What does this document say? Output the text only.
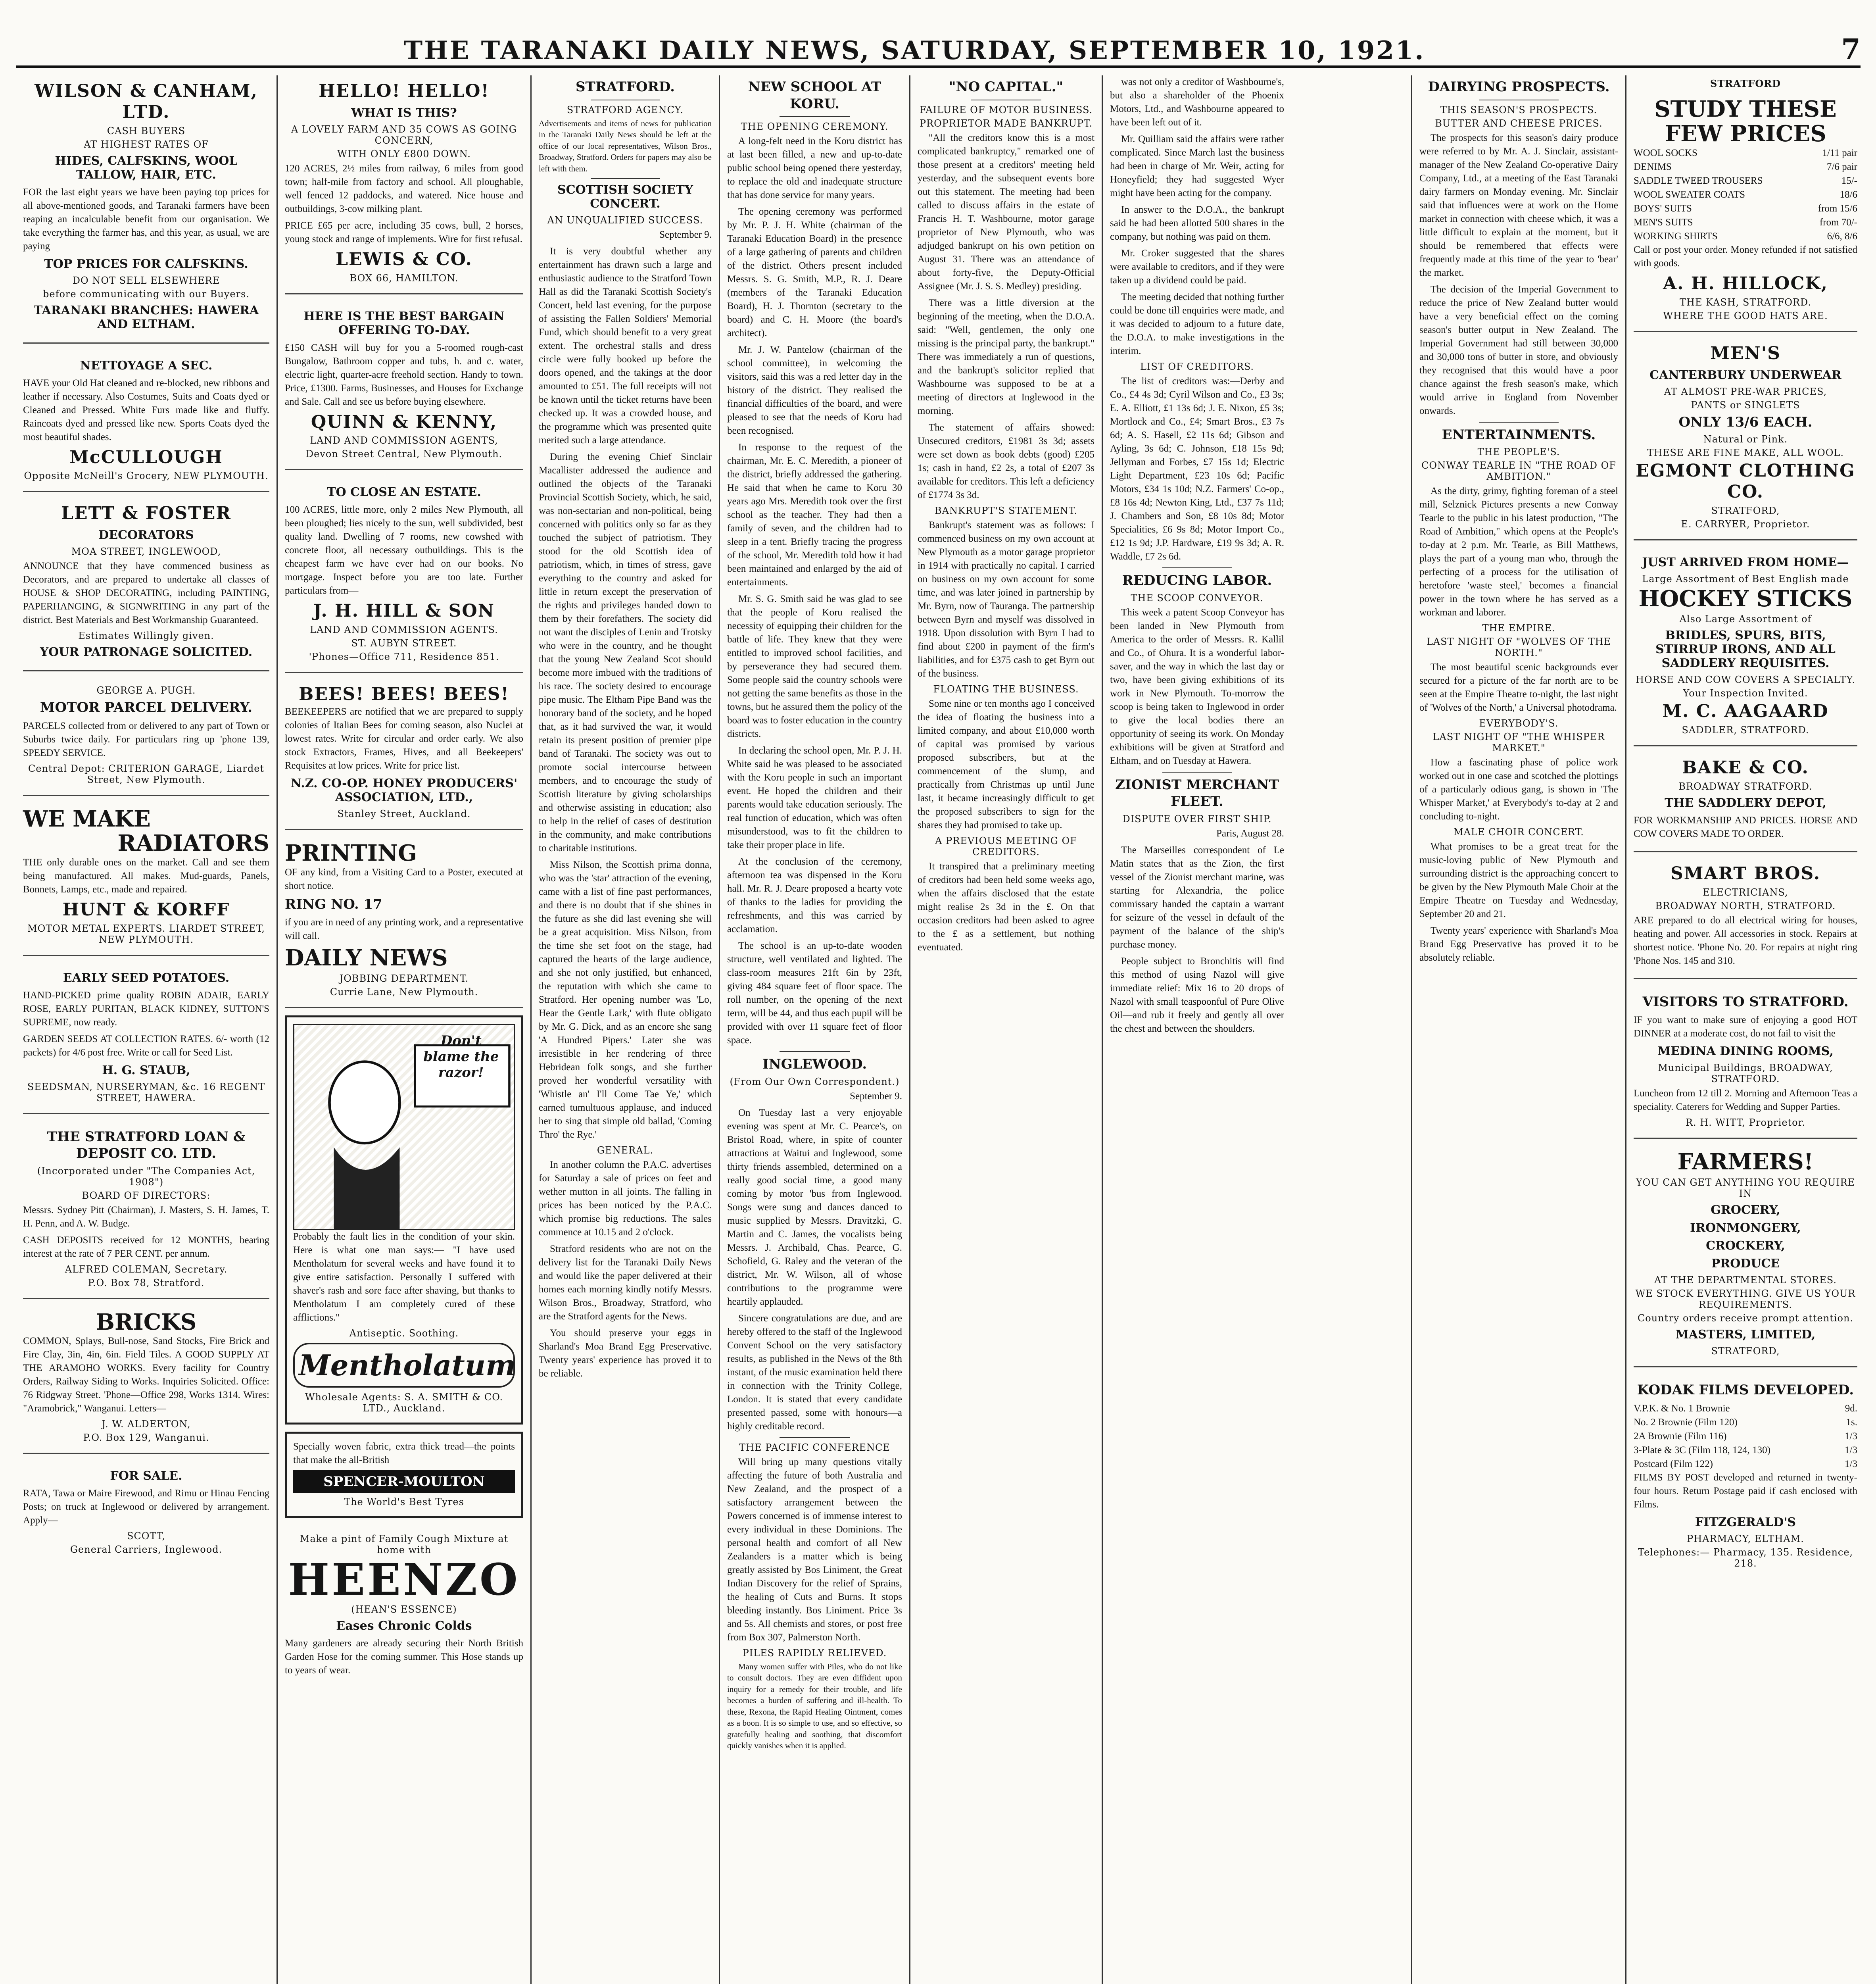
THE TARANAKI DAILY NEWS, SATURDAY, SEPTEMBER 10, 1921.	7
WILSON & CANHAM, LTD.
CASH BUYERS
AT HIGHEST RATES OF
HIDES, CALFSKINS, WOOL TALLOW, HAIR, ETC.

FOR the last eight years we have been paying top prices for all above-mentioned goods, and Taranaki farmers have been reaping an incalculable benefit from our organisation. We take everything the farmer has, and this year, as usual, we are paying

TOP PRICES FOR CALFSKINS.
DO NOT SELL ELSEWHERE
before communicating with our Buyers.
TARANAKI BRANCHES: HAWERA AND ELTHAM.
NETTOYAGE A SEC.

HAVE your Old Hat cleaned and re-blocked, new ribbons and leather if necessary. Also Costumes, Suits and Coats dyed or Cleaned and Pressed. White Furs made like and fluffy. Raincoats dyed and pressed like new. Sports Coats dyed the most beautiful shades.

McCULLOUGH
Opposite McNeill's Grocery, NEW PLYMOUTH.
LETT & FOSTER
DECORATORS
MOA STREET, INGLEWOOD,

ANNOUNCE that they have commenced business as Decorators, and are prepared to undertake all classes of HOUSE & SHOP DECORATING, including PAINTING, PAPERHANGING, & SIGNWRITING in any part of the district. Best Materials and Best Workmanship Guaranteed.

Estimates Willingly given.
YOUR PATRONAGE SOLICITED.
GEORGE A. PUGH.
MOTOR PARCEL DELIVERY.

PARCELS collected from or delivered to any part of Town or Suburbs twice daily. For particulars ring up 'phone 139, SPEEDY SERVICE.

Central Depot: CRITERION GARAGE, Liardet Street, New Plymouth.
WE MAKE
RADIATORS

THE only durable ones on the market. Call and see them being manufactured. All makes. Mud-guards, Panels, Bonnets, Lamps, etc., made and repaired.

HUNT & KORFF
MOTOR METAL EXPERTS. LIARDET STREET, NEW PLYMOUTH.
EARLY SEED POTATOES.

HAND-PICKED prime quality ROBIN ADAIR, EARLY ROSE, EARLY PURITAN, BLACK KIDNEY, SUTTON'S SUPREME, now ready.

GARDEN SEEDS AT COLLECTION RATES. 6/- worth (12 packets) for 4/6 post free. Write or call for Seed List.

H. G. STAUB,
SEEDSMAN, NURSERYMAN, &c. 16 REGENT STREET, HAWERA.
THE STRATFORD LOAN & DEPOSIT CO. LTD.
(Incorporated under "The Companies Act, 1908")
BOARD OF DIRECTORS:

Messrs. Sydney Pitt (Chairman), J. Masters, S. H. James, T. H. Penn, and A. W. Budge.

CASH DEPOSITS received for 12 MONTHS, bearing interest at the rate of 7 PER CENT. per annum.

ALFRED COLEMAN, Secretary.
P.O. Box 78, Stratford.
BRICKS

COMMON, Splays, Bull-nose, Sand Stocks, Fire Brick and Fire Clay, 3in, 4in, 6in. Field Tiles. A GOOD SUPPLY AT THE ARAMOHO WORKS. Every facility for Country Orders, Railway Siding to Works. Inquiries Solicited. Office: 76 Ridgway Street. 'Phone—Office 298, Works 1314. Wires: "Aramobrick," Wanganui. Letters—

J. W. ALDERTON,
P.O. Box 129, Wanganui.
FOR SALE.

RATA, Tawa or Maire Firewood, and Rimu or Hinau Fencing Posts; on truck at Inglewood or delivered by arrangement. Apply—

SCOTT,
General Carriers, Inglewood.
HELLO! HELLO!
WHAT IS THIS?
A LOVELY FARM AND 35 COWS AS GOING CONCERN,
WITH ONLY £800 DOWN.

120 ACRES, 2½ miles from railway, 6 miles from good town; half-mile from factory and school. All ploughable, well fenced 12 paddocks, and watered. Nice house and outbuildings, 3-cow milking plant.

PRICE £65 per acre, including 35 cows, bull, 2 horses, young stock and range of implements. Wire for first refusal.

LEWIS & CO.
BOX 66, HAMILTON.
HERE IS THE BEST BARGAIN OFFERING TO-DAY.

£150 CASH will buy for you a 5-roomed rough-cast Bungalow, Bathroom copper and tubs, h. and c. water, electric light, quarter-acre freehold section. Handy to town. Price, £1300. Farms, Businesses, and Houses for Exchange and Sale. Call and see us before buying elsewhere.

QUINN & KENNY,
LAND AND COMMISSION AGENTS,
Devon Street Central, New Plymouth.
TO CLOSE AN ESTATE.

100 ACRES, little more, only 2 miles New Plymouth, all been ploughed; lies nicely to the sun, well subdivided, best quality land. Dwelling of 7 rooms, new cowshed with concrete floor, all necessary outbuildings. This is the cheapest farm we have ever had on our books. No mortgage. Inspect before you are too late. Further particulars from—

J. H. HILL & SON
LAND AND COMMISSION AGENTS.
ST. AUBYN STREET.
'Phones—Office 711, Residence 851.
BEES! BEES! BEES!

BEEKEEPERS are notified that we are prepared to supply colonies of Italian Bees for coming season, also Nuclei at lowest rates. Write for circular and order early. We also stock Extractors, Frames, Hives, and all Beekeepers' Requisites at low prices. Write for price list.

N.Z. CO-OP. HONEY PRODUCERS' ASSOCIATION, LTD.,
Stanley Street, Auckland.
PRINTING

OF any kind, from a Visiting Card to a Poster, executed at short notice.

RING NO. 17

if you are in need of any printing work, and a representative will call.

DAILY NEWS
JOBBING DEPARTMENT.
Currie Lane, New Plymouth.
Don't blame the razor!

Probably the fault lies in the condition of your skin. Here is what one man says:— "I have used Mentholatum for several weeks and have found it to give entire satisfaction. Personally I suffered with shaver's rash and sore face after shaving, but thanks to Mentholatum I am completely cured of these afflictions."

Antiseptic. Soothing.
Mentholatum
Wholesale Agents: S. A. SMITH & CO. LTD., Auckland.

Specially woven fabric, extra thick tread—the points that make the all-British

SPENCER-MOULTON
The World's Best Tyres
Make a pint of Family Cough Mixture at home with
HEENZO
(HEAN'S ESSENCE)
Eases Chronic Colds

Many gardeners are already securing their North British Garden Hose for the coming summer. This Hose stands up to years of wear.

STRATFORD.
STRATFORD AGENCY.

Advertisements and items of news for publication in the Taranaki Daily News should be left at the office of our local representatives, Wilson Bros., Broadway, Stratford. Orders for papers may also be left with them.

SCOTTISH SOCIETY CONCERT.
AN UNQUALIFIED SUCCESS.
September 9.

It is very doubtful whether any entertainment has drawn such a large and enthusiastic audience to the Stratford Town Hall as did the Taranaki Scottish Society's Concert, held last evening, for the purpose of assisting the Fallen Soldiers' Memorial Fund, which should benefit to a very great extent. The orchestral stalls and dress circle were fully booked up before the doors opened, and the takings at the door amounted to £51. The full receipts will not be known until the ticket returns have been checked up. It was a crowded house, and the programme which was presented quite merited such a large attendance.

During the evening Chief Sinclair Macallister addressed the audience and outlined the objects of the Taranaki Provincial Scottish Society, which, he said, was non-sectarian and non-political, being concerned with politics only so far as they touched the subject of patriotism. They stood for the old Scottish idea of patriotism, which, in times of stress, gave everything to the country and asked for little in return except the preservation of the rights and privileges handed down to them by their forefathers. The society did not want the disciples of Lenin and Trotsky who were in the country, and he thought that the young New Zealand Scot should become more imbued with the traditions of his race. The society desired to encourage pipe music. The Eltham Pipe Band was the honorary band of the society, and he hoped that, as it had survived the war, it would retain its present position of premier pipe band of Taranaki. The society was out to promote social intercourse between members, and to encourage the study of Scottish literature by giving scholarships and otherwise assisting in education; also to help in the relief of cases of destitution in the community, and make contributions to charitable institutions.

Miss Nilson, the Scottish prima donna, who was the 'star' attraction of the evening, came with a list of fine past performances, and there is no doubt that if she shines in the future as she did last evening she will be a great acquisition. Miss Nilson, from the time she set foot on the stage, had captured the hearts of the large audience, and she not only justified, but enhanced, the reputation with which she came to Stratford. Her opening number was 'Lo, Hear the Gentle Lark,' with flute obligato by Mr. G. Dick, and as an encore she sang 'A Hundred Pipers.' Later she was irresistible in her rendering of three Hebridean folk songs, and she further proved her wonderful versatility with 'Whistle an' I'll Come Tae Ye,' which earned tumultuous applause, and induced her to sing that simple old ballad, 'Coming Thro' the Rye.'

GENERAL.

In another column the P.A.C. advertises for Saturday a sale of prices on feet and wether mutton in all joints. The falling in prices has been noticed by the P.A.C. which promise big reductions. The sales commence at 10.15 and 2 o'clock.

Stratford residents who are not on the delivery list for the Taranaki Daily News and would like the paper delivered at their homes each morning kindly notify Messrs. Wilson Bros., Broadway, Stratford, who are the Stratford agents for the News.

You should preserve your eggs in Sharland's Moa Brand Egg Preservative. Twenty years' experience has proved it to be reliable.

NEW SCHOOL AT KORU.
THE OPENING CEREMONY.

A long-felt need in the Koru district has at last been filled, a new and up-to-date public school being opened there yesterday, to replace the old and inadequate structure that has done service for many years.

The opening ceremony was performed by Mr. P. J. H. White (chairman of the Taranaki Education Board) in the presence of a large gathering of parents and children of the district. Others present included Messrs. S. G. Smith, M.P., R. J. Deare (members of the Taranaki Education Board), H. J. Thornton (secretary to the board) and C. H. Moore (the board's architect).

Mr. J. W. Pantelow (chairman of the school committee), in welcoming the visitors, said this was a red letter day in the history of the district. They realised the financial difficulties of the board, and were pleased to see that the needs of Koru had been recognised.

In response to the request of the chairman, Mr. E. C. Meredith, a pioneer of the district, briefly addressed the gathering. He said that when he came to Koru 30 years ago Mrs. Meredith took over the first school as the teacher. They had then a family of seven, and the children had to sleep in a tent. Briefly tracing the progress of the school, Mr. Meredith told how it had been maintained and enlarged by the aid of entertainments.

Mr. S. G. Smith said he was glad to see that the people of Koru realised the necessity of equipping their children for the battle of life. They knew that they were entitled to improved school facilities, and by perseverance they had secured them. Some people said the country schools were not getting the same benefits as those in the towns, but he assured them the policy of the board was to foster education in the country districts.

In declaring the school open, Mr. P. J. H. White said he was pleased to be associated with the Koru people in such an important event. He hoped the children and their parents would take education seriously. The real function of education, which was often misunderstood, was to fit the children to take their proper place in life.

At the conclusion of the ceremony, afternoon tea was dispensed in the Koru hall. Mr. R. J. Deare proposed a hearty vote of thanks to the ladies for providing the refreshments, and this was carried by acclamation.

The school is an up-to-date wooden structure, well ventilated and lighted. The class-room measures 21ft 6in by 23ft, giving 484 square feet of floor space. The roll number, on the opening of the next term, will be 44, and thus each pupil will be provided with over 11 square feet of floor space.

INGLEWOOD.
(From Our Own Correspondent.)
September 9.

On Tuesday last a very enjoyable evening was spent at Mr. C. Pearce's, on Bristol Road, where, in spite of counter attractions at Waitui and Inglewood, some thirty friends assembled, determined on a really good social time, a good many coming by motor 'bus from Inglewood. Songs were sung and dances danced to music supplied by Messrs. Dravitzki, G. Martin and C. James, the vocalists being Messrs. J. Archibald, Chas. Pearce, G. Schofield, G. Raley and the veteran of the district, Mr. W. Wilson, all of whose contributions to the programme were heartily applauded.

Sincere congratulations are due, and are hereby offered to the staff of the Inglewood Convent School on the very satisfactory results, as published in the News of the 8th instant, of the music examination held there in connection with the Trinity College, London. It is stated that every candidate presented passed, some with honours—a highly creditable record.

THE PACIFIC CONFERENCE

Will bring up many questions vitally affecting the future of both Australia and New Zealand, and the prospect of a satisfactory arrangement between the Powers concerned is of immense interest to every individual in these Dominions. The personal health and comfort of all New Zealanders is a matter which is being greatly assisted by Bos Liniment, the Great Indian Discovery for the relief of Sprains, the healing of Cuts and Burns. It stops bleeding instantly. Bos Liniment. Price 3s and 5s. All chemists and stores, or post free from Box 307, Palmerston North.

PILES RAPIDLY RELIEVED.

Many women suffer with Piles, who do not like to consult doctors. They are even diffident upon inquiry for a remedy for their trouble, and life becomes a burden of suffering and ill-health. To these, Rexona, the Rapid Healing Ointment, comes as a boon. It is so simple to use, and so effective, so gratefully healing and soothing, that discomfort quickly vanishes when it is applied.

"NO CAPITAL."
FAILURE OF MOTOR BUSINESS.
PROPRIETOR MADE BANKRUPT.

"All the creditors know this is a most complicated bankruptcy," remarked one of those present at a creditors' meeting held yesterday, and the subsequent events bore out this statement. The meeting had been called to discuss affairs in the estate of Francis H. T. Washbourne, motor garage proprietor of New Plymouth, who was adjudged bankrupt on his own petition on August 31. There was an attendance of about forty-five, the Deputy-Official Assignee (Mr. J. S. S. Medley) presiding.

There was a little diversion at the beginning of the meeting, when the D.O.A. said: "Well, gentlemen, the only one missing is the principal party, the bankrupt." There was immediately a run of questions, and the bankrupt's solicitor replied that Washbourne was supposed to be at a meeting of directors at Inglewood in the morning.

The statement of affairs showed: Unsecured creditors, £1981 3s 3d; assets were set down as book debts (good) £205 1s; cash in hand, £2 2s, a total of £207 3s available for creditors. This left a deficiency of £1774 3s 3d.

BANKRUPT'S STATEMENT.

Bankrupt's statement was as follows: I commenced business on my own account at New Plymouth as a motor garage proprietor in 1914 with practically no capital. I carried on business on my own account for some time, and was later joined in partnership by Mr. Byrn, now of Tauranga. The partnership between Byrn and myself was dissolved in 1918. Upon dissolution with Byrn I had to find about £200 in payment of the firm's liabilities, and for £375 cash to get Byrn out of the business.

FLOATING THE BUSINESS.

Some nine or ten months ago I conceived the idea of floating the business into a limited company, and about £10,000 worth of capital was promised by various proposed subscribers, but at the commencement of the slump, and practically from Christmas up until June last, it became increasingly difficult to get the proposed subscribers to sign for the shares they had promised to take up.

A PREVIOUS MEETING OF CREDITORS.

It transpired that a preliminary meeting of creditors had been held some weeks ago, when the affairs disclosed that the estate might realise 2s 3d in the £. On that occasion creditors had been asked to agree to the £ as a settlement, but nothing eventuated.

was not only a creditor of Washbourne's, but also a shareholder of the Phoenix Motors, Ltd., and Washbourne appeared to have been left out of it.

Mr. Quilliam said the affairs were rather complicated. Since March last the business had been in charge of Mr. Weir, acting for Honeyfield; they had suggested Wyer might have been acting for the company.

In answer to the D.O.A., the bankrupt said he had been allotted 500 shares in the company, but nothing was paid on them.

Mr. Croker suggested that the shares were available to creditors, and if they were taken up a dividend could be paid.

The meeting decided that nothing further could be done till enquiries were made, and it was decided to adjourn to a future date, the D.O.A. to make investigations in the interim.

LIST OF CREDITORS.

The list of creditors was:—Derby and Co., £4 4s 3d; Cyril Wilson and Co., £3 3s; E. A. Elliott, £1 13s 6d; J. E. Nixon, £5 3s; Mortlock and Co., £4; Smart Bros., £3 7s 6d; A. S. Hasell, £2 11s 6d; Gibson and Ayling, 3s 6d; C. Johnson, £18 15s 9d; Jellyman and Forbes, £7 15s 1d; Electric Light Department, £23 10s 6d; Pacific Motors, £34 1s 10d; N.Z. Farmers' Co-op., £8 16s 4d; Newton King, Ltd., £37 7s 11d; J. Chambers and Son, £8 10s 8d; Motor Specialities, £6 9s 8d; Motor Import Co., £12 1s 9d; J.P. Hardware, £19 9s 3d; A. R. Waddle, £7 2s 6d.

REDUCING LABOR.
THE SCOOP CONVEYOR.

This week a patent Scoop Conveyor has been landed in New Plymouth from America to the order of Messrs. R. Kallil and Co., of Ohura. It is a wonderful labor-saver, and the way in which the last day or two, have been giving exhibitions of its work in New Plymouth. To-morrow the scoop is being taken to Inglewood in order to give the local bodies there an opportunity of seeing its work. On Monday exhibitions will be given at Stratford and Eltham, and on Tuesday at Hawera.

ZIONIST MERCHANT FLEET.
DISPUTE OVER FIRST SHIP.
Paris, August 28.

The Marseilles correspondent of Le Matin states that as the Zion, the first vessel of the Zionist merchant marine, was starting for Alexandria, the police commissary handed the captain a warrant for seizure of the vessel in default of the payment of the balance of the ship's purchase money.

People subject to Bronchitis will find this method of using Nazol will give immediate relief: Mix 16 to 20 drops of Nazol with small teaspoonful of Pure Olive Oil—and rub it freely and gently all over the chest and between the shoulders.

DAIRYING PROSPECTS.
THIS SEASON'S PROSPECTS.
BUTTER AND CHEESE PRICES.

The prospects for this season's dairy produce were referred to by Mr. A. J. Sinclair, assistant-manager of the New Zealand Co-operative Dairy Company, Ltd., at a meeting of the East Taranaki dairy farmers on Monday evening. Mr. Sinclair said that influences were at work on the Home market in connection with cheese which, it was a little difficult to explain at the moment, but it should be remembered that effects were frequently made at this time of the year to 'bear' the market.

The decision of the Imperial Government to reduce the price of New Zealand butter would have a very beneficial effect on the coming season's butter output in New Zealand. The Imperial Government had still between 30,000 and 30,000 tons of butter in store, and obviously they recognised that this would have a poor chance against the fresh season's make, which would arrive in England from November onwards.

ENTERTAINMENTS.
THE PEOPLE'S.
CONWAY TEARLE IN "THE ROAD OF AMBITION."

As the dirty, grimy, fighting foreman of a steel mill, Selznick Pictures presents a new Conway Tearle to the public in his latest production, "The Road of Ambition," which opens at the People's to-day at 2 p.m. Mr. Tearle, as Bill Matthews, plays the part of a young man who, through the perfecting of a process for the utilisation of heretofore 'waste steel,' becomes a financial power in the town where he has served as a workman and laborer.

THE EMPIRE.
LAST NIGHT OF "WOLVES OF THE NORTH."

The most beautiful scenic backgrounds ever secured for a picture of the far north are to be seen at the Empire Theatre to-night, the last night of 'Wolves of the North,' a Universal photodrama.

EVERYBODY'S.
LAST NIGHT OF "THE WHISPER MARKET."

How a fascinating phase of police work worked out in one case and scotched the plottings of a particularly odious gang, is shown in 'The Whisper Market,' at Everybody's to-day at 2 and concluding to-night.

MALE CHOIR CONCERT.

What promises to be a great treat for the music-loving public of New Plymouth and surrounding district is the approaching concert to be given by the New Plymouth Male Choir at the Empire Theatre on Tuesday and Wednesday, September 20 and 21.

Twenty years' experience with Sharland's Moa Brand Egg Preservative has proved it to be absolutely reliable.

STRATFORD
STUDY THESE FEW PRICES
WOOL SOCKS	1/11 pair
DENIMS	7/6 pair
SADDLE TWEED TROUSERS	15/-
WOOL SWEATER COATS	18/6
BOYS' SUITS	from 15/6
MEN'S SUITS	from 70/-
WORKING SHIRTS	6/6, 8/6

Call or post your order. Money refunded if not satisfied with goods.

A. H. HILLOCK,
THE KASH, STRATFORD.
WHERE THE GOOD HATS ARE.
MEN'S
CANTERBURY UNDERWEAR
AT ALMOST PRE-WAR PRICES,
PANTS or SINGLETS
ONLY 13/6 EACH.
Natural or Pink.
THESE ARE FINE MAKE, ALL WOOL.
EGMONT CLOTHING CO.
STRATFORD,
E. CARRYER, Proprietor.
JUST ARRIVED FROM HOME—
Large Assortment of Best English made
HOCKEY STICKS
Also Large Assortment of
BRIDLES, SPURS, BITS, STIRRUP IRONS, AND ALL SADDLERY REQUISITES.
HORSE AND COW COVERS A SPECIALTY.
Your Inspection Invited.
M. C. AAGAARD
SADDLER, STRATFORD.
BAKE & CO.
BROADWAY STRATFORD.
THE SADDLERY DEPOT,

FOR WORKMANSHIP AND PRICES. HORSE AND COW COVERS MADE TO ORDER.

SMART BROS.
ELECTRICIANS,
BROADWAY NORTH, STRATFORD.

ARE prepared to do all electrical wiring for houses, heating and power. All accessories in stock. Repairs at shortest notice. 'Phone No. 20. For repairs at night ring 'Phone Nos. 145 and 310.

VISITORS TO STRATFORD.

IF you want to make sure of enjoying a good HOT DINNER at a moderate cost, do not fail to visit the

MEDINA DINING ROOMS,
Municipal Buildings, BROADWAY, STRATFORD.

Luncheon from 12 till 2. Morning and Afternoon Teas a speciality. Caterers for Wedding and Supper Parties.

R. H. WITT, Proprietor.
FARMERS!
YOU CAN GET ANYTHING YOU REQUIRE IN
GROCERY,
IRONMONGERY,
CROCKERY,
PRODUCE
AT THE DEPARTMENTAL STORES.
WE STOCK EVERYTHING. GIVE US YOUR REQUIREMENTS.
Country orders receive prompt attention.
MASTERS, LIMITED,
STRATFORD,
KODAK FILMS DEVELOPED.
V.P.K. & No. 1 Brownie	9d.
No. 2 Brownie (Film 120)	1s.
2A Brownie (Film 116)	1/3
3-Plate & 3C (Film 118, 124, 130)	1/3
Postcard (Film 122)	1/3

FILMS BY POST developed and returned in twenty-four hours. Return Postage paid if cash enclosed with Films.

FITZGERALD'S
PHARMACY, ELTHAM.
Telephones:— Pharmacy, 135. Residence, 218.
